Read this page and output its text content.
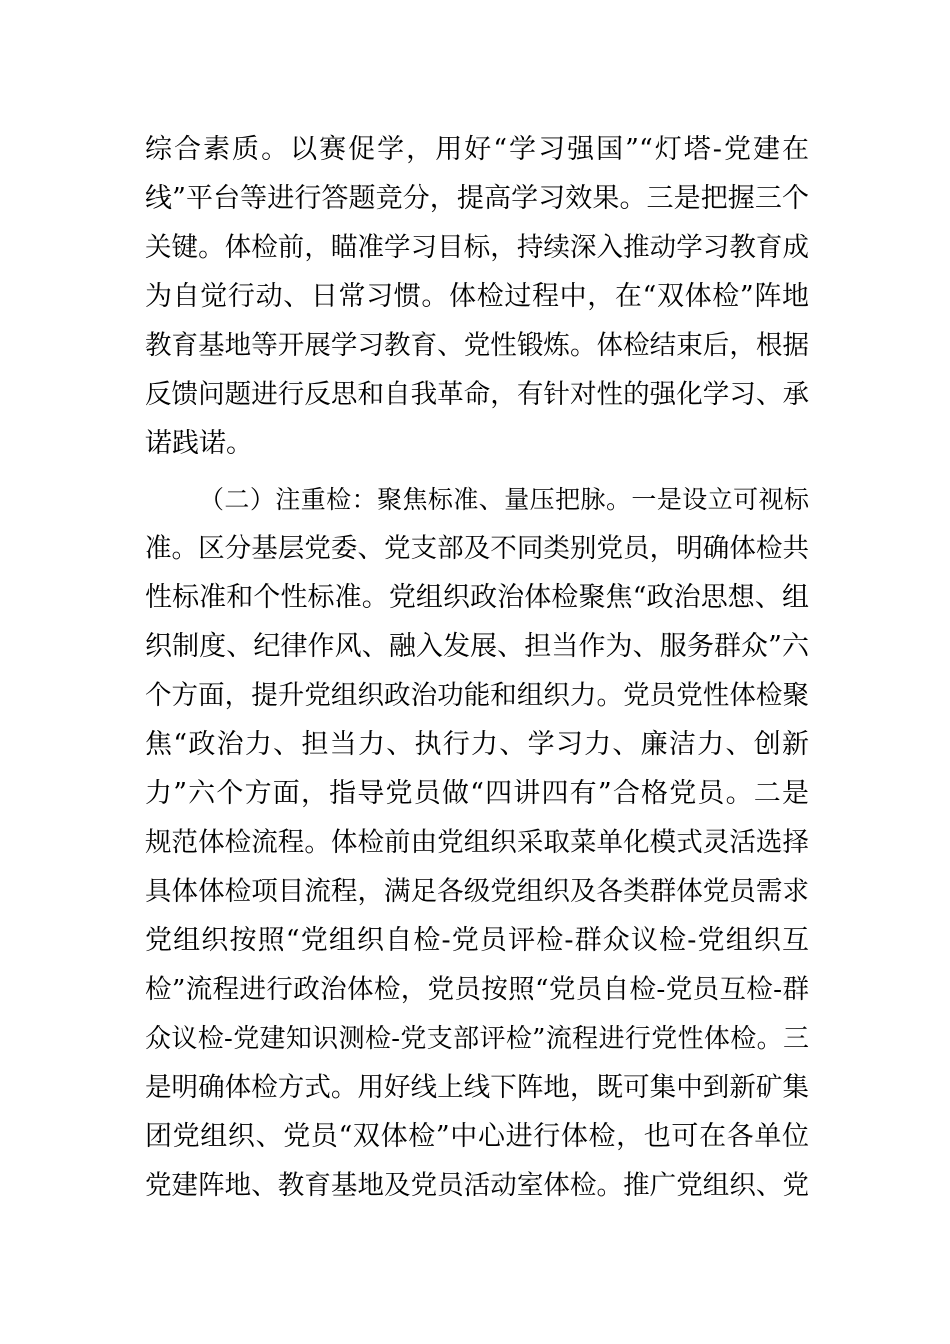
综合素质。以赛促学，用好“学习强国”“灯塔-党建在
线”平台等进行答题竞分，提高学习效果。三是把握三个
关键。体检前，瞄准学习目标，持续深入推动学习教育成
为自觉行动、日常习惯。体检过程中，在“双体检”阵地
教育基地等开展学习教育、党性锻炼。体检结束后，根据
反馈问题进行反思和自我革命，有针对性的强化学习、承
诺践诺。
（二）注重检：聚焦标准、量压把脉。一是设立可视标
准。区分基层党委、党支部及不同类别党员，明确体检共
性标准和个性标准。党组织政治体检聚焦“政治思想、组
织制度、纪律作风、融入发展、担当作为、服务群众”六
个方面，提升党组织政治功能和组织力。党员党性体检聚
焦“政治力、担当力、执行力、学习力、廉洁力、创新
力”六个方面，指导党员做“四讲四有”合格党员。二是
规范体检流程。体检前由党组织采取菜单化模式灵活选择
具体体检项目流程，满足各级党组织及各类群体党员需求
党组织按照“党组织自检-党员评检-群众议检-党组织互
检”流程进行政治体检，党员按照“党员自检-党员互检-群
众议检-党建知识测检-党支部评检”流程进行党性体检。三
是明确体检方式。用好线上线下阵地，既可集中到新矿集
团党组织、党员“双体检”中心进行体检，也可在各单位
党建阵地、教育基地及党员活动室体检。推广党组织、党
